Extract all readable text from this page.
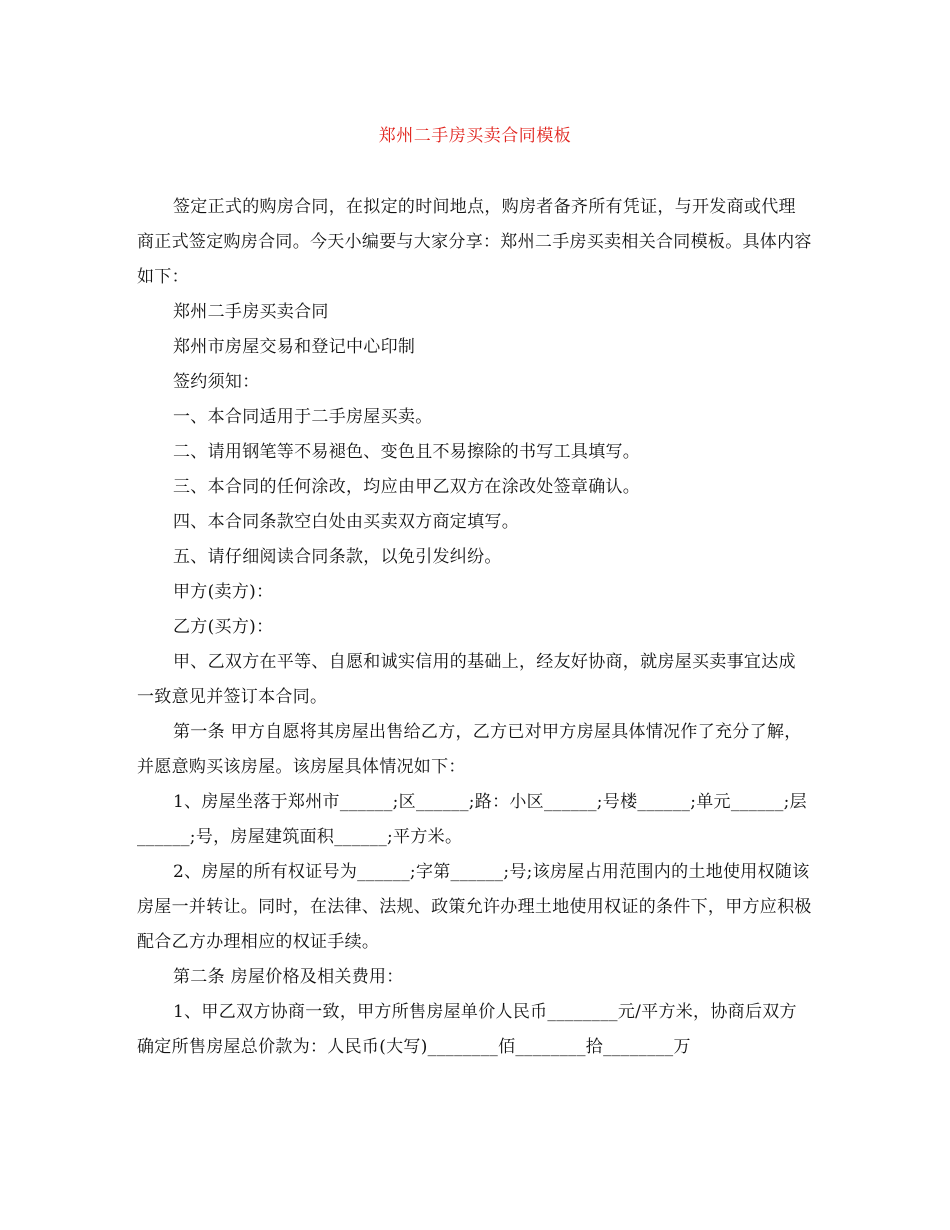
郑州二手房买卖合同模板

签定正式的购房合同，在拟定的时间地点，购房者备齐所有凭证，与开发商或代理商正式签定购房合同。今天小编要与大家分享：郑州二手房买卖相关合同模板。具体内容如下：

郑州二手房买卖合同

郑州市房屋交易和登记中心印制

签约须知：

一、本合同适用于二手房屋买卖。

二、请用钢笔等不易褪色、变色且不易擦除的书写工具填写。

三、本合同的任何涂改，均应由甲乙双方在涂改处签章确认。

四、本合同条款空白处由买卖双方商定填写。

五、请仔细阅读合同条款，以免引发纠纷。

甲方(卖方)：

乙方(买方)：

甲、乙双方在平等、自愿和诚实信用的基础上，经友好协商，就房屋买卖事宜达成一致意见并签订本合同。

第一条 甲方自愿将其房屋出售给乙方，乙方已对甲方房屋具体情况作了充分了解，并愿意购买该房屋。该房屋具体情况如下：

1、房屋坐落于郑州市______;区______;路：小区______;号楼______;单元______;层______;号，房屋建筑面积______;平方米。

2、房屋的所有权证号为______;字第______;号;该房屋占用范围内的土地使用权随该房屋一并转让。同时，在法律、法规、政策允许办理土地使用权证的条件下，甲方应积极配合乙方办理相应的权证手续。

第二条 房屋价格及相关费用：

1、甲乙双方协商一致，甲方所售房屋单价人民币________元/平方米，协商后双方确定所售房屋总价款为：人民币(大写)________佰________拾________万
